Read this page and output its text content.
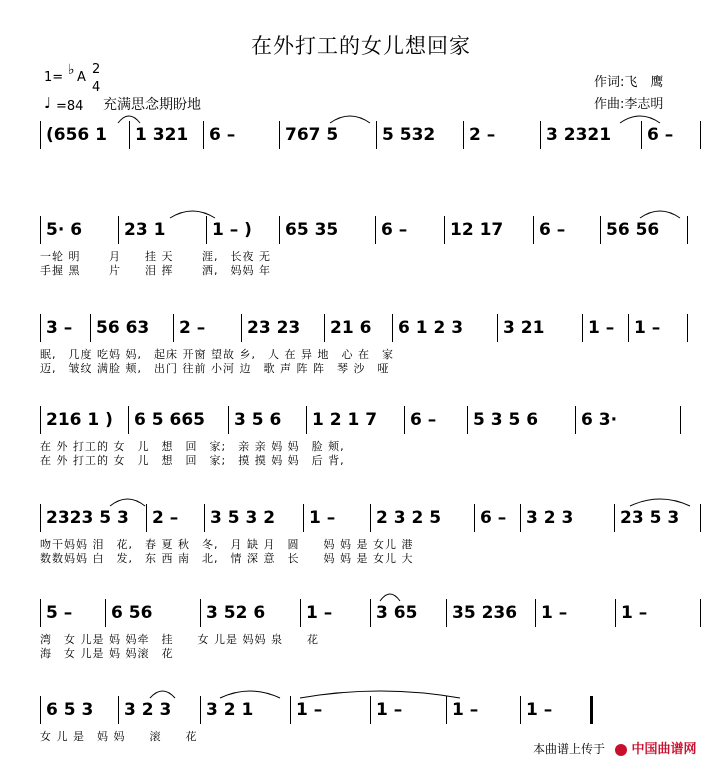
在外打工的女儿想回家
1= ♭ A
2
4
♩ =84 充满思念期盼地
作词:飞　鹰
作曲:李志明
(656 1 1 321 6 –	767 5	5 532 2 –	3 2321 6 –
5· 6 23 1	1 – ) 65 35	6 –	12 17 6 – 56 56
一轮 明　　 月　　挂 天　　 涯,　长夜 无
手握 黑　　 片　　泪 挥　　 洒,　妈妈 年
3 – 56 63 2 – 23 23 21 6 6 1 2 3 3 21	1 – 1 –
眠,　几度 吃妈 妈,　起床 开窗 望故 乡,　人 在 异 地　心 在　家
迈,　皱纹 满脸 颊,　出门 往前 小河 边　歌 声 阵 阵　琴 沙　哑
216 1 ) 6 5 665 3 5 6 1 2 1 7 6 – 5 3 5 6	6 3·
在 外 打工的 女　儿　想　回　家;　亲 亲 妈 妈　脸 颊,
在 外 打工的 女　儿　想　回　家;　摸 摸 妈 妈　后 背,
2323 5 3 2 – 3 5 3 2 1 – 2 3 2 5 6 – 3 2 3	23 5 3
吻干妈妈 泪　花,　春 夏 秋　冬,　月 缺 月　圆　　妈 妈 是 女儿 港
数数妈妈 白　发,　东 西 南　北,　情 深 意　长　　妈 妈 是 女儿 大
5 – 6 56	3 52 6 1 –	3 65 35 236 1 –	1 –
湾　女 儿是 妈 妈牵　挂　　女 儿是 妈妈 泉　　花
海　女 儿是 妈 妈滚　花
6 5 3 3 2 3 3 2 1	1 –	1 –	1 –	1 –
女 儿 是　妈 妈　　滚　　花
本曲谱上传于	中国曲谱网
